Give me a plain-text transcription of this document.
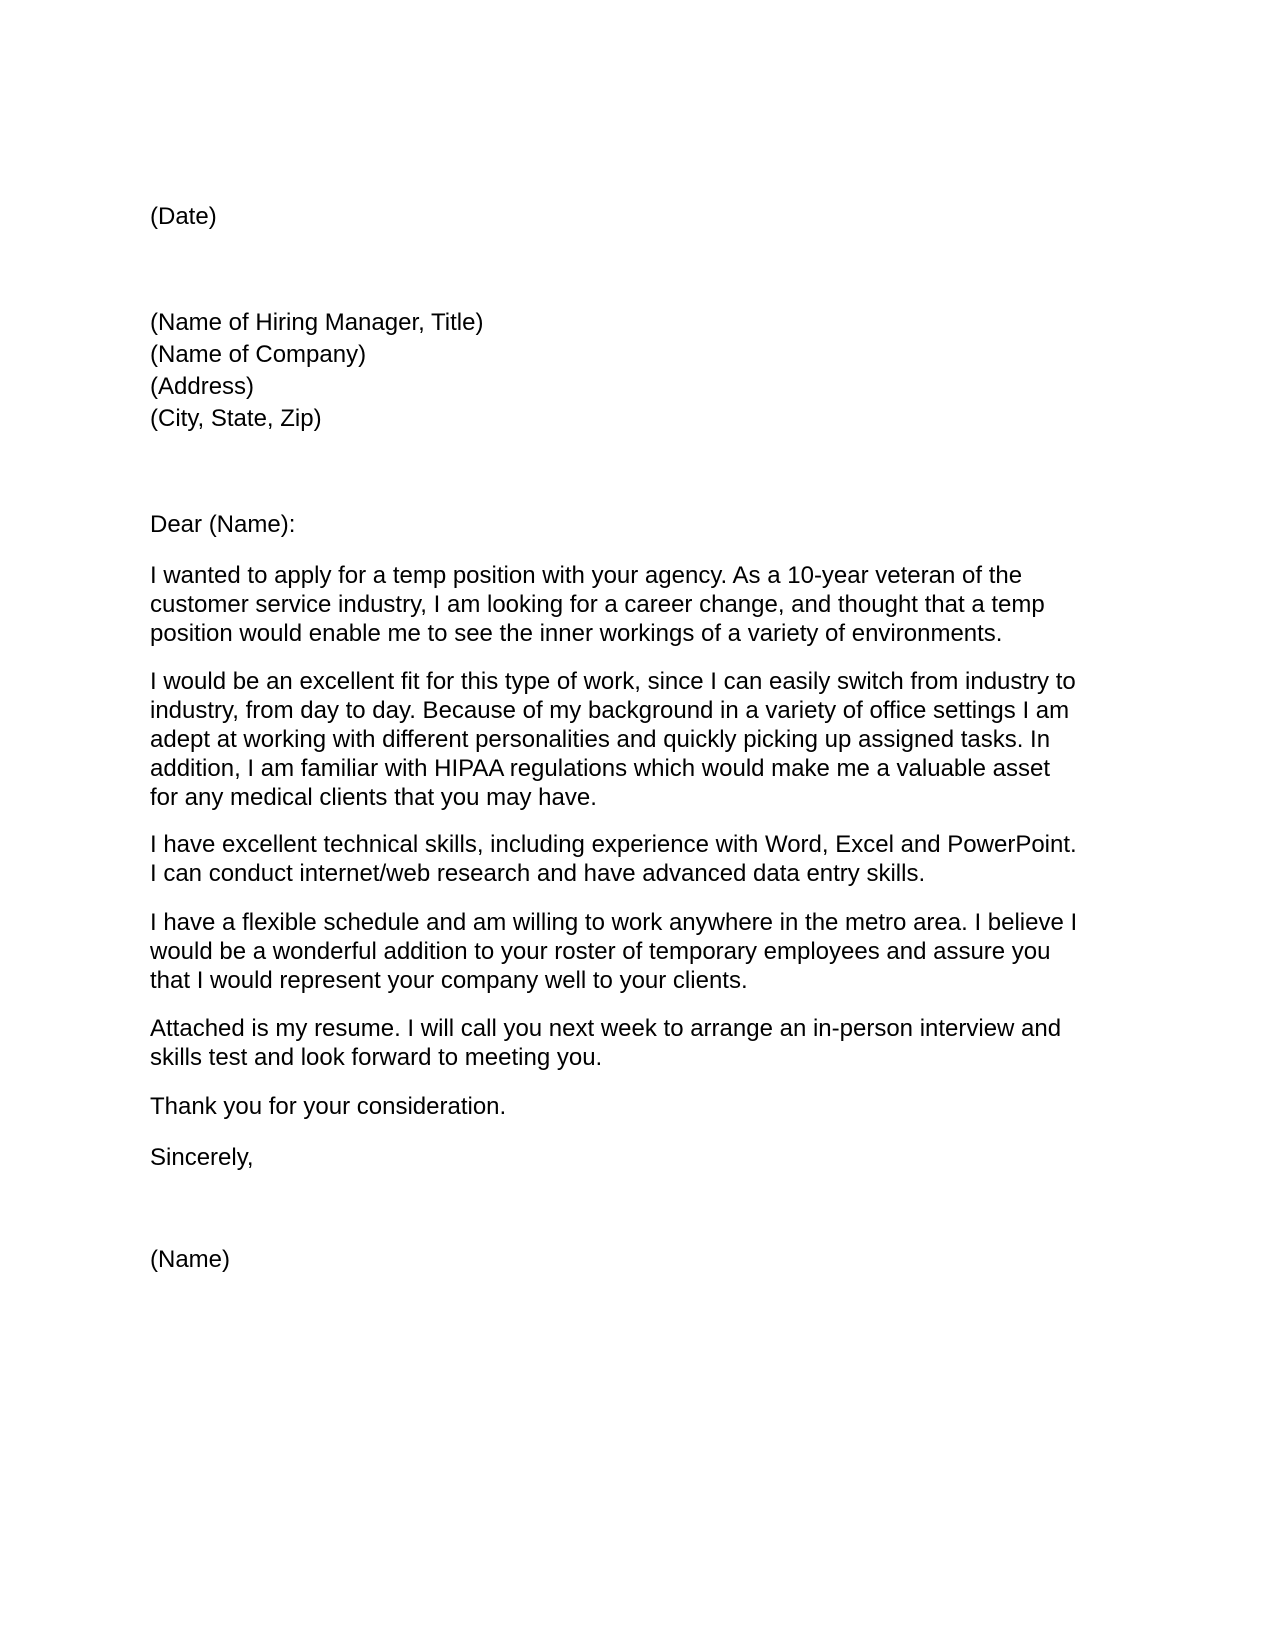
(Date)
(Name of Hiring Manager, Title)
(Name of Company)
(Address)
(City, State, Zip)
Dear (Name):
I wanted to apply for a temp position with your agency. As a 10-year veteran of the
customer service industry, I am looking for a career change, and thought that a temp
position would enable me to see the inner workings of a variety of environments.
I would be an excellent fit for this type of work, since I can easily switch from industry to
industry, from day to day. Because of my background in a variety of office settings I am
adept at working with different personalities and quickly picking up assigned tasks. In
addition, I am familiar with HIPAA regulations which would make me a valuable asset
for any medical clients that you may have.
I have excellent technical skills, including experience with Word, Excel and PowerPoint.
I can conduct internet/web research and have advanced data entry skills.
I have a flexible schedule and am willing to work anywhere in the metro area. I believe I
would be a wonderful addition to your roster of temporary employees and assure you
that I would represent your company well to your clients.
Attached is my resume. I will call you next week to arrange an in-person interview and
skills test and look forward to meeting you.
Thank you for your consideration.
Sincerely,
(Name)
